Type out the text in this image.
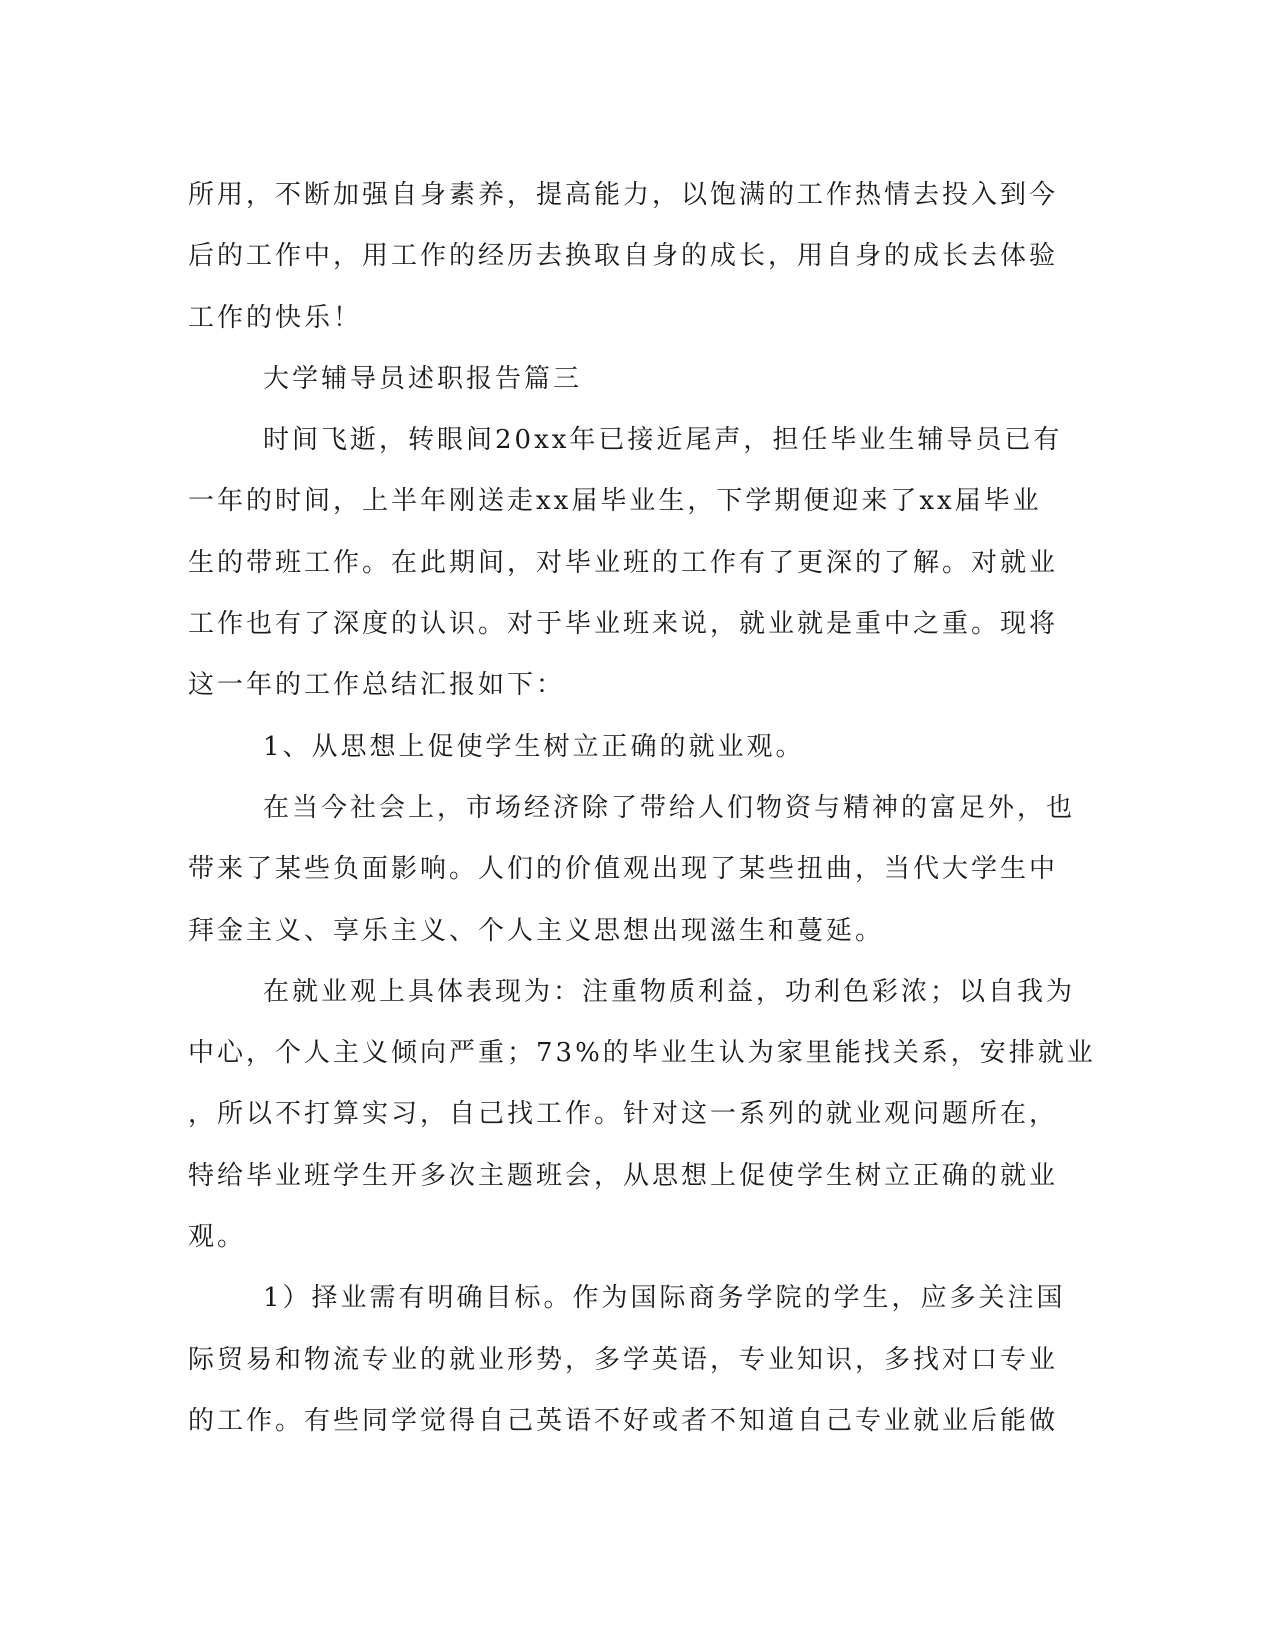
所用，不断加强自身素养，提高能力，以饱满的工作热情去投入到今
后的工作中，用工作的经历去换取自身的成长，用自身的成长去体验
工作的快乐！
大学辅导员述职报告篇三
时间飞逝，转眼间20xx年已接近尾声，担任毕业生辅导员已有
一年的时间，上半年刚送走xx届毕业生，下学期便迎来了xx届毕业
生的带班工作。在此期间，对毕业班的工作有了更深的了解。对就业
工作也有了深度的认识。对于毕业班来说，就业就是重中之重。现将
这一年的工作总结汇报如下：
1、从思想上促使学生树立正确的就业观。
在当今社会上，市场经济除了带给人们物资与精神的富足外，也
带来了某些负面影响。人们的价值观出现了某些扭曲，当代大学生中
拜金主义、享乐主义、个人主义思想出现滋生和蔓延。
在就业观上具体表现为：注重物质利益，功利色彩浓；以自我为
中心，个人主义倾向严重；73%的毕业生认为家里能找关系，安排就业
，所以不打算实习，自己找工作。针对这一系列的就业观问题所在，
特给毕业班学生开多次主题班会，从思想上促使学生树立正确的就业
观。
1）择业需有明确目标。作为国际商务学院的学生，应多关注国
际贸易和物流专业的就业形势，多学英语，专业知识，多找对口专业
的工作。有些同学觉得自己英语不好或者不知道自己专业就业后能做
